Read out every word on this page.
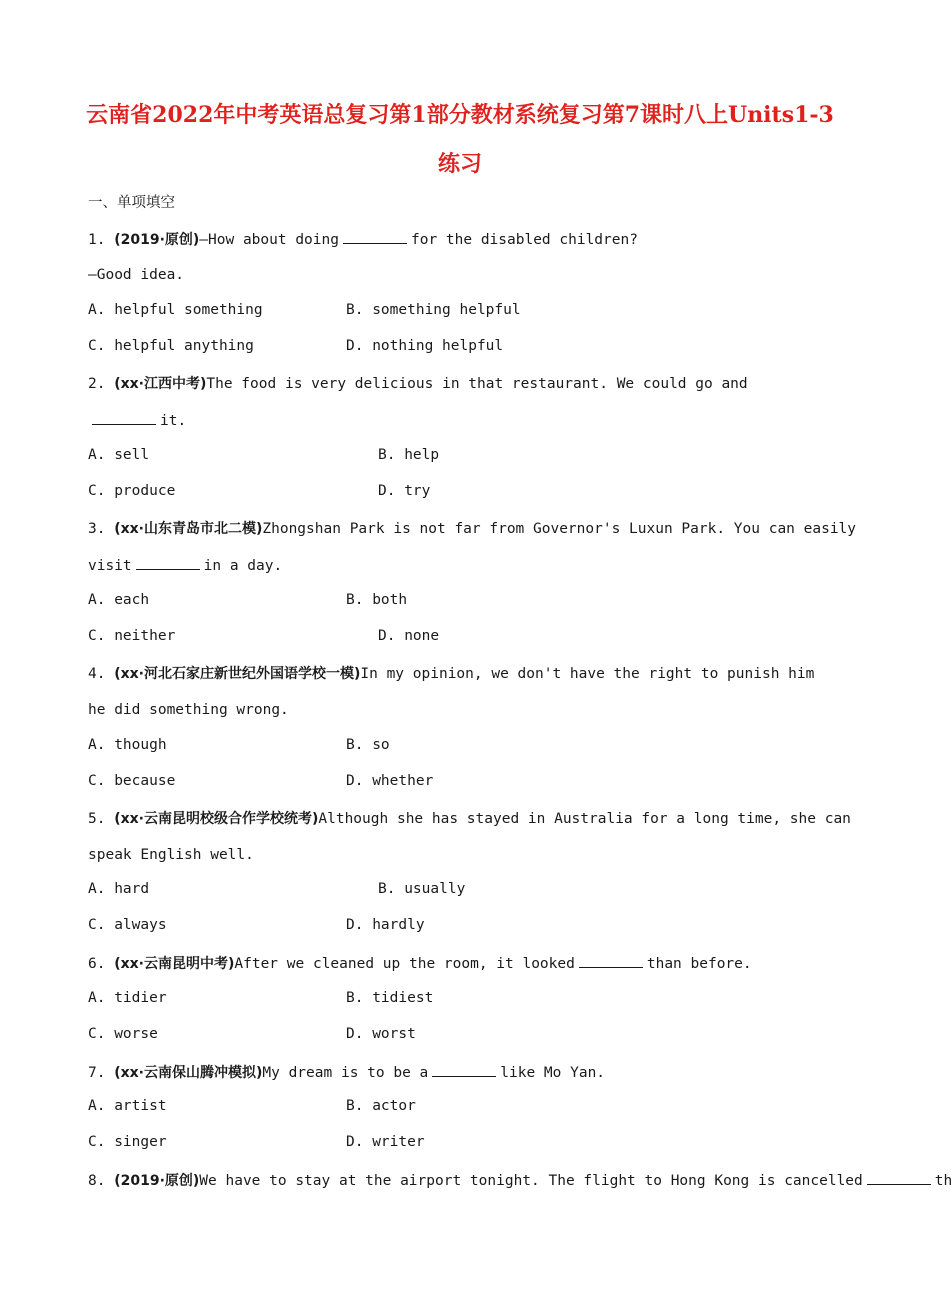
云南省2022年中考英语总复习第1部分教材系统复习第7课时八上Units1-3
练习
一、单项填空
1. (2019·原创)—How about doing	for the disabled children?
—Good idea.
A. helpful something	B. something helpful
C. helpful anything	D. nothing helpful
2. (xx·江西中考)The food is very delicious in that restaurant. We could go and
it.
A. sell	B. help
C. produce	D. try
3. (xx·山东青岛市北二模)Zhongshan Park is not far from Governor's Luxun Park. You can easily
visit	in a day.
A. each	B. both
C. neither	D. none
4. (xx·河北石家庄新世纪外国语学校一模)In my opinion, we don't have the right to punish him
he did something wrong.
A. though	B. so
C. because	D. whether
5. (xx·云南昆明校级合作学校统考)Although she has stayed in Australia for a long time, she can
speak English well.
A. hard	B. usually
C. always	D. hardly
6. (xx·云南昆明中考)After we cleaned up the room, it looked	than before.
A. tidier	B. tidiest
C. worse	D. worst
7. (xx·云南保山腾冲模拟)My dream is to be a	like Mo Yan.
A. artist	B. actor
C. singer	D. writer
8. (2019·原创)We have to stay at the airport tonight. The flight to Hong Kong is cancelled	th
